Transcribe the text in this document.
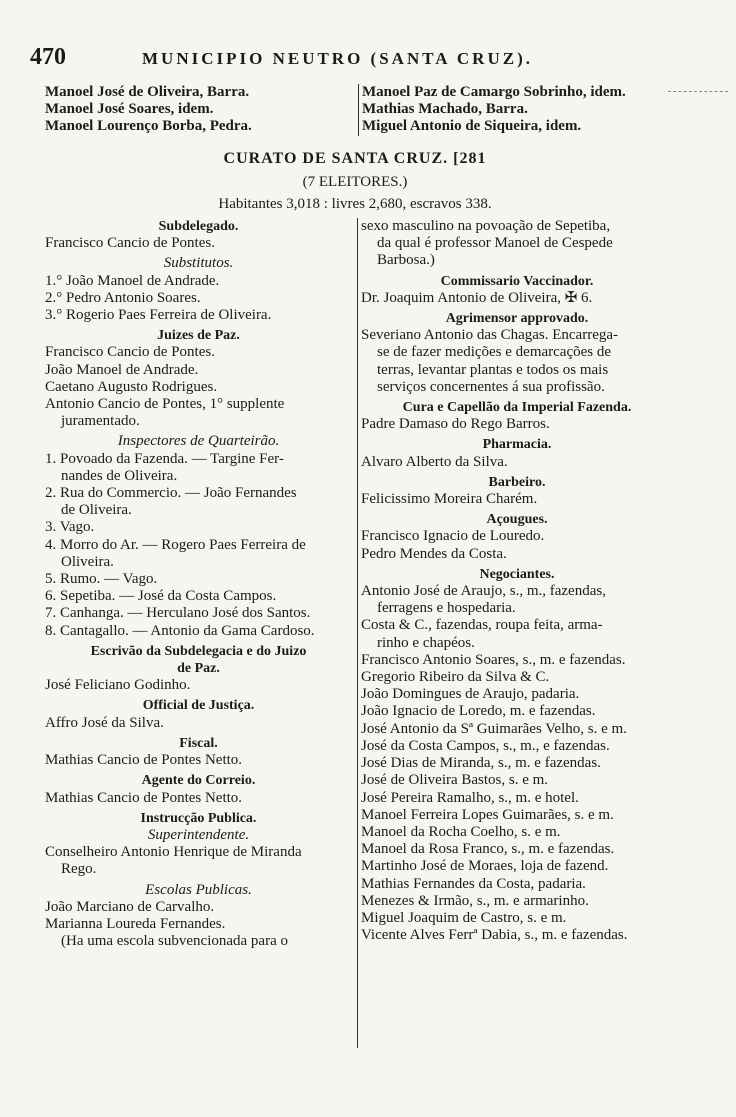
470	MUNICIPIO NEUTRO (SANTA CRUZ).
Manoel José de Oliveira, Barra.
Manoel José Soares, idem.
Manoel Lourenço Borba, Pedra.
Manoel Paz de Camargo Sobrinho, idem.
Mathias Machado, Barra.
Miguel Antonio de Siqueira, idem.
CURATO DE SANTA CRUZ. [281
(7 ELEITORES.)
Habitantes 3,018 : livres 2,680, escravos 338.
Subdelegado.
Francisco Cancio de Pontes.
Substitutos.
1.° João Manoel de Andrade.
2.° Pedro Antonio Soares.
3.° Rogerio Paes Ferreira de Oliveira.
Juizes de Paz.
Francisco Cancio de Pontes.
João Manoel de Andrade.
Caetano Augusto Rodrigues.
Antonio Cancio de Pontes, 1° supplente
juramentado.
Inspectores de Quarteirão.
1. Povoado da Fazenda. — Targine Fer-
nandes de Oliveira.
2. Rua do Commercio. — João Fernandes
de Oliveira.
3. Vago.
4. Morro do Ar. — Rogero Paes Ferreira de
Oliveira.
5. Rumo. — Vago.
6. Sepetiba. — José da Costa Campos.
7. Canhanga. — Herculano José dos Santos.
8. Cantagallo. — Antonio da Gama Cardoso.
Escrivão da Subdelegacia e do Juizo
de Paz.
José Feliciano Godinho.
Official de Justiça.
Affro José da Silva.
Fiscal.
Mathias Cancio de Pontes Netto.
Agente do Correio.
Mathias Cancio de Pontes Netto.
Instrucção Publica.
Superintendente.
Conselheiro Antonio Henrique de Miranda
Rego.
Escolas Publicas.
João Marciano de Carvalho.
Marianna Loureda Fernandes.
(Ha uma escola subvencionada para o
sexo masculino na povoação de Sepetiba,
da qual é professor Manoel de Cespede
Barbosa.)
Commissario Vaccinador.
Dr. Joaquim Antonio de Oliveira, ✠ 6.
Agrimensor approvado.
Severiano Antonio das Chagas. Encarrega-
se de fazer medições e demarcações de
terras, levantar plantas e todos os mais
serviços concernentes á sua profissão.
Cura e Capellão da Imperial Fazenda.
Padre Damaso do Rego Barros.
Pharmacia.
Alvaro Alberto da Silva.
Barbeiro.
Felicissimo Moreira Charém.
Açougues.
Francisco Ignacio de Louredo.
Pedro Mendes da Costa.
Negociantes.
Antonio José de Araujo, s., m., fazendas,
ferragens e hospedaria.
Costa & C., fazendas, roupa feita, arma-
rinho e chapéos.
Francisco Antonio Soares, s., m. e fazendas.
Gregorio Ribeiro da Silva & C.
João Domingues de Araujo, padaria.
João Ignacio de Loredo, m. e fazendas.
José Antonio da Sª Guimarães Velho, s. e m.
José da Costa Campos, s., m., e fazendas.
José Dias de Miranda, s., m. e fazendas.
José de Oliveira Bastos, s. e m.
José Pereira Ramalho, s., m. e hotel.
Manoel Ferreira Lopes Guimarães, s. e m.
Manoel da Rocha Coelho, s. e m.
Manoel da Rosa Franco, s., m. e fazendas.
Martinho José de Moraes, loja de fazend.
Mathias Fernandes da Costa, padaria.
Menezes & Irmão, s., m. e armarinho.
Miguel Joaquim de Castro, s. e m.
Vicente Alves Ferrª Dabia, s., m. e fazendas.
